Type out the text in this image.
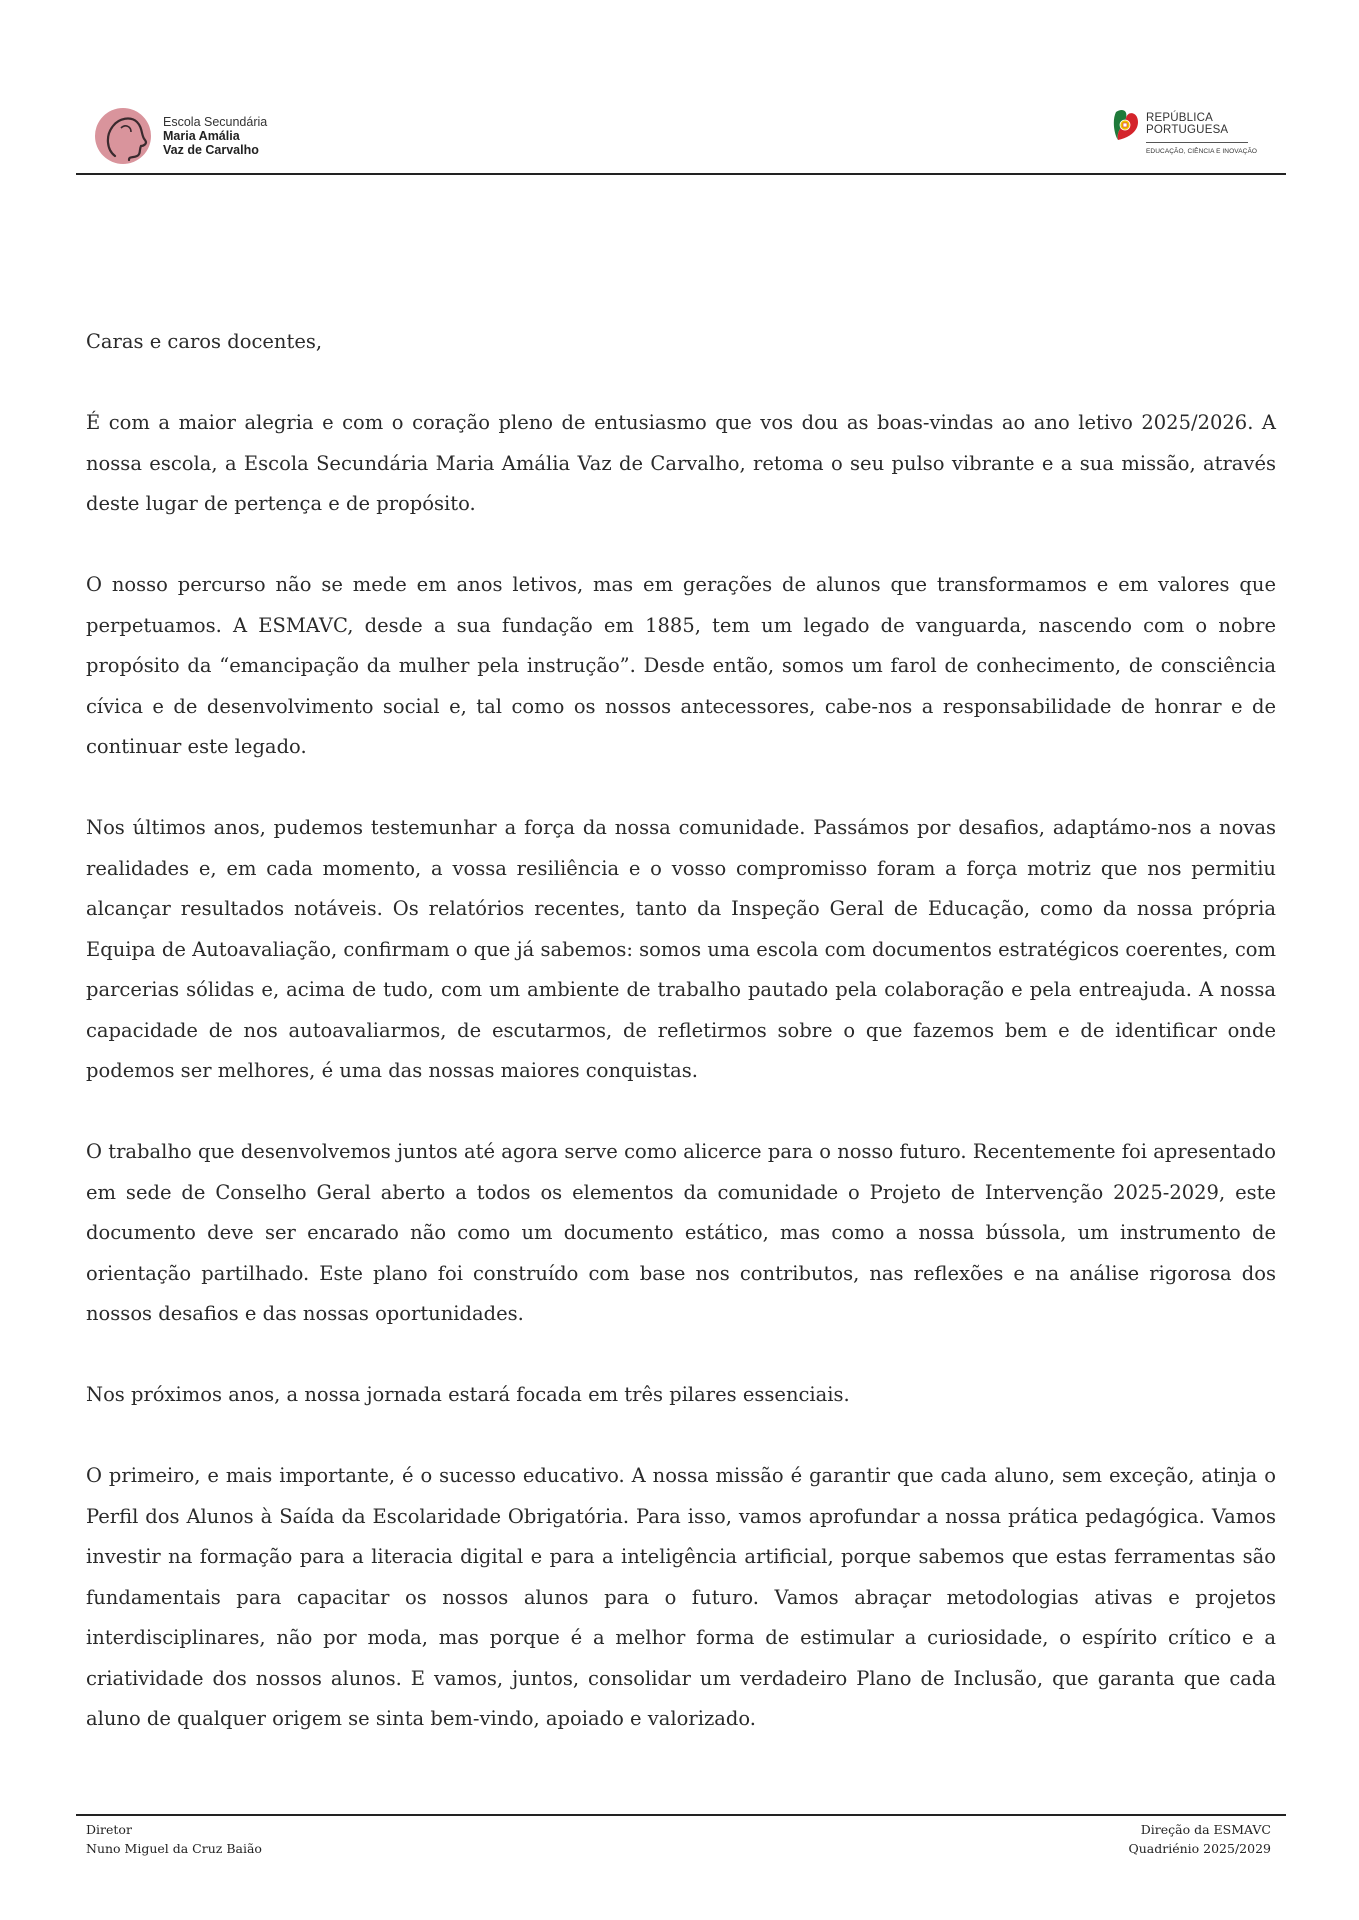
Escola Secundária
Maria Amália
Vaz de Carvalho
REPÚBLICA
PORTUGUESA
EDUCAÇÃO, CIÊNCIA E INOVAÇÃO

Caras e caros docentes,

É com a maior alegria e com o coração pleno de entusiasmo que vos dou as boas-vindas ao ano letivo 2025/2026. A nossa escola, a Escola Secundária Maria Amália Vaz de Carvalho, retoma o seu pulso vibrante e a sua missão, através deste lugar de pertença e de propósito.

O nosso percurso não se mede em anos letivos, mas em gerações de alunos que transformamos e em valores que perpetuamos. A ESMAVC, desde a sua fundação em 1885, tem um legado de vanguarda, nascendo com o nobre propósito da “emancipação da mulher pela instrução”. Desde então, somos um farol de conhecimento, de consciência cívica e de desenvolvimento social e, tal como os nossos antecessores, cabe-nos a responsabilidade de honrar e de continuar este legado.

Nos últimos anos, pudemos testemunhar a força da nossa comunidade. Passámos por desafios, adaptámo-nos a novas realidades e, em cada momento, a vossa resiliência e o vosso compromisso foram a força motriz que nos permitiu alcançar resultados notáveis. Os relatórios recentes, tanto da Inspeção Geral de Educação, como da nossa própria Equipa de Autoavaliação, confirmam o que já sabemos: somos uma escola com documentos estratégicos coerentes, com parcerias sólidas e, acima de tudo, com um ambiente de trabalho pautado pela colaboração e pela entreajuda. A nossa capacidade de nos autoavaliarmos, de escutarmos, de refletirmos sobre o que fazemos bem e de identificar onde podemos ser melhores, é uma das nossas maiores conquistas.

O trabalho que desenvolvemos juntos até agora serve como alicerce para o nosso futuro. Recentemente foi apresentado em sede de Conselho Geral aberto a todos os elementos da comunidade o Projeto de Intervenção 2025-2029, este documento deve ser encarado não como um documento estático, mas como a nossa bússola, um instrumento de orientação partilhado. Este plano foi construído com base nos contributos, nas reflexões e na análise rigorosa dos nossos desafios e das nossas oportunidades.

Nos próximos anos, a nossa jornada estará focada em três pilares essenciais.

O primeiro, e mais importante, é o sucesso educativo. A nossa missão é garantir que cada aluno, sem exceção, atinja o Perfil dos Alunos à Saída da Escolaridade Obrigatória. Para isso, vamos aprofundar a nossa prática pedagógica. Vamos investir na formação para a literacia digital e para a inteligência artificial, porque sabemos que estas ferramentas são fundamentais para capacitar os nossos alunos para o futuro. Vamos abraçar metodologias ativas e projetos interdisciplinares, não por moda, mas porque é a melhor forma de estimular a curiosidade, o espírito crítico e a criatividade dos nossos alunos. E vamos, juntos, consolidar um verdadeiro Plano de Inclusão, que garanta que cada aluno de qualquer origem se sinta bem-vindo, apoiado e valorizado.

Diretor
Nuno Miguel da Cruz Baião
Direção da ESMAVC
Quadriénio 2025/2029
